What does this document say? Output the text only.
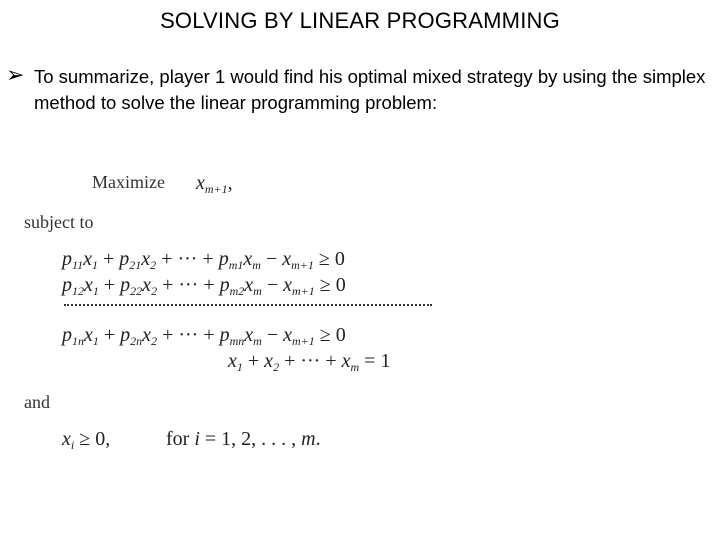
SOLVING BY LINEAR PROGRAMMING
➢ To summarize, player 1 would find his optimal mixed strategy by using the simplex method to solve the linear programming problem:
Maximize $x_{m+1}$,
subject to
$p_{11}x_1 + p_{21}x_2$ + ··· + $p_{m1}x_m - x_{m+1} \ge 0$
$p_{12}x_1 + p_{22}x_2$ + ··· + $p_{m2}x_m - x_{m+1} \ge 0$
$p_{1n}x_1 + p_{2n}x_2$ + ··· + $p_{mn}x_m - x_{m+1} \ge 0$
$x_1 + x_2$ + ··· + $x_m = 1$
and
$x_i \ge 0$,	for i = 1, 2, . . . , m.
